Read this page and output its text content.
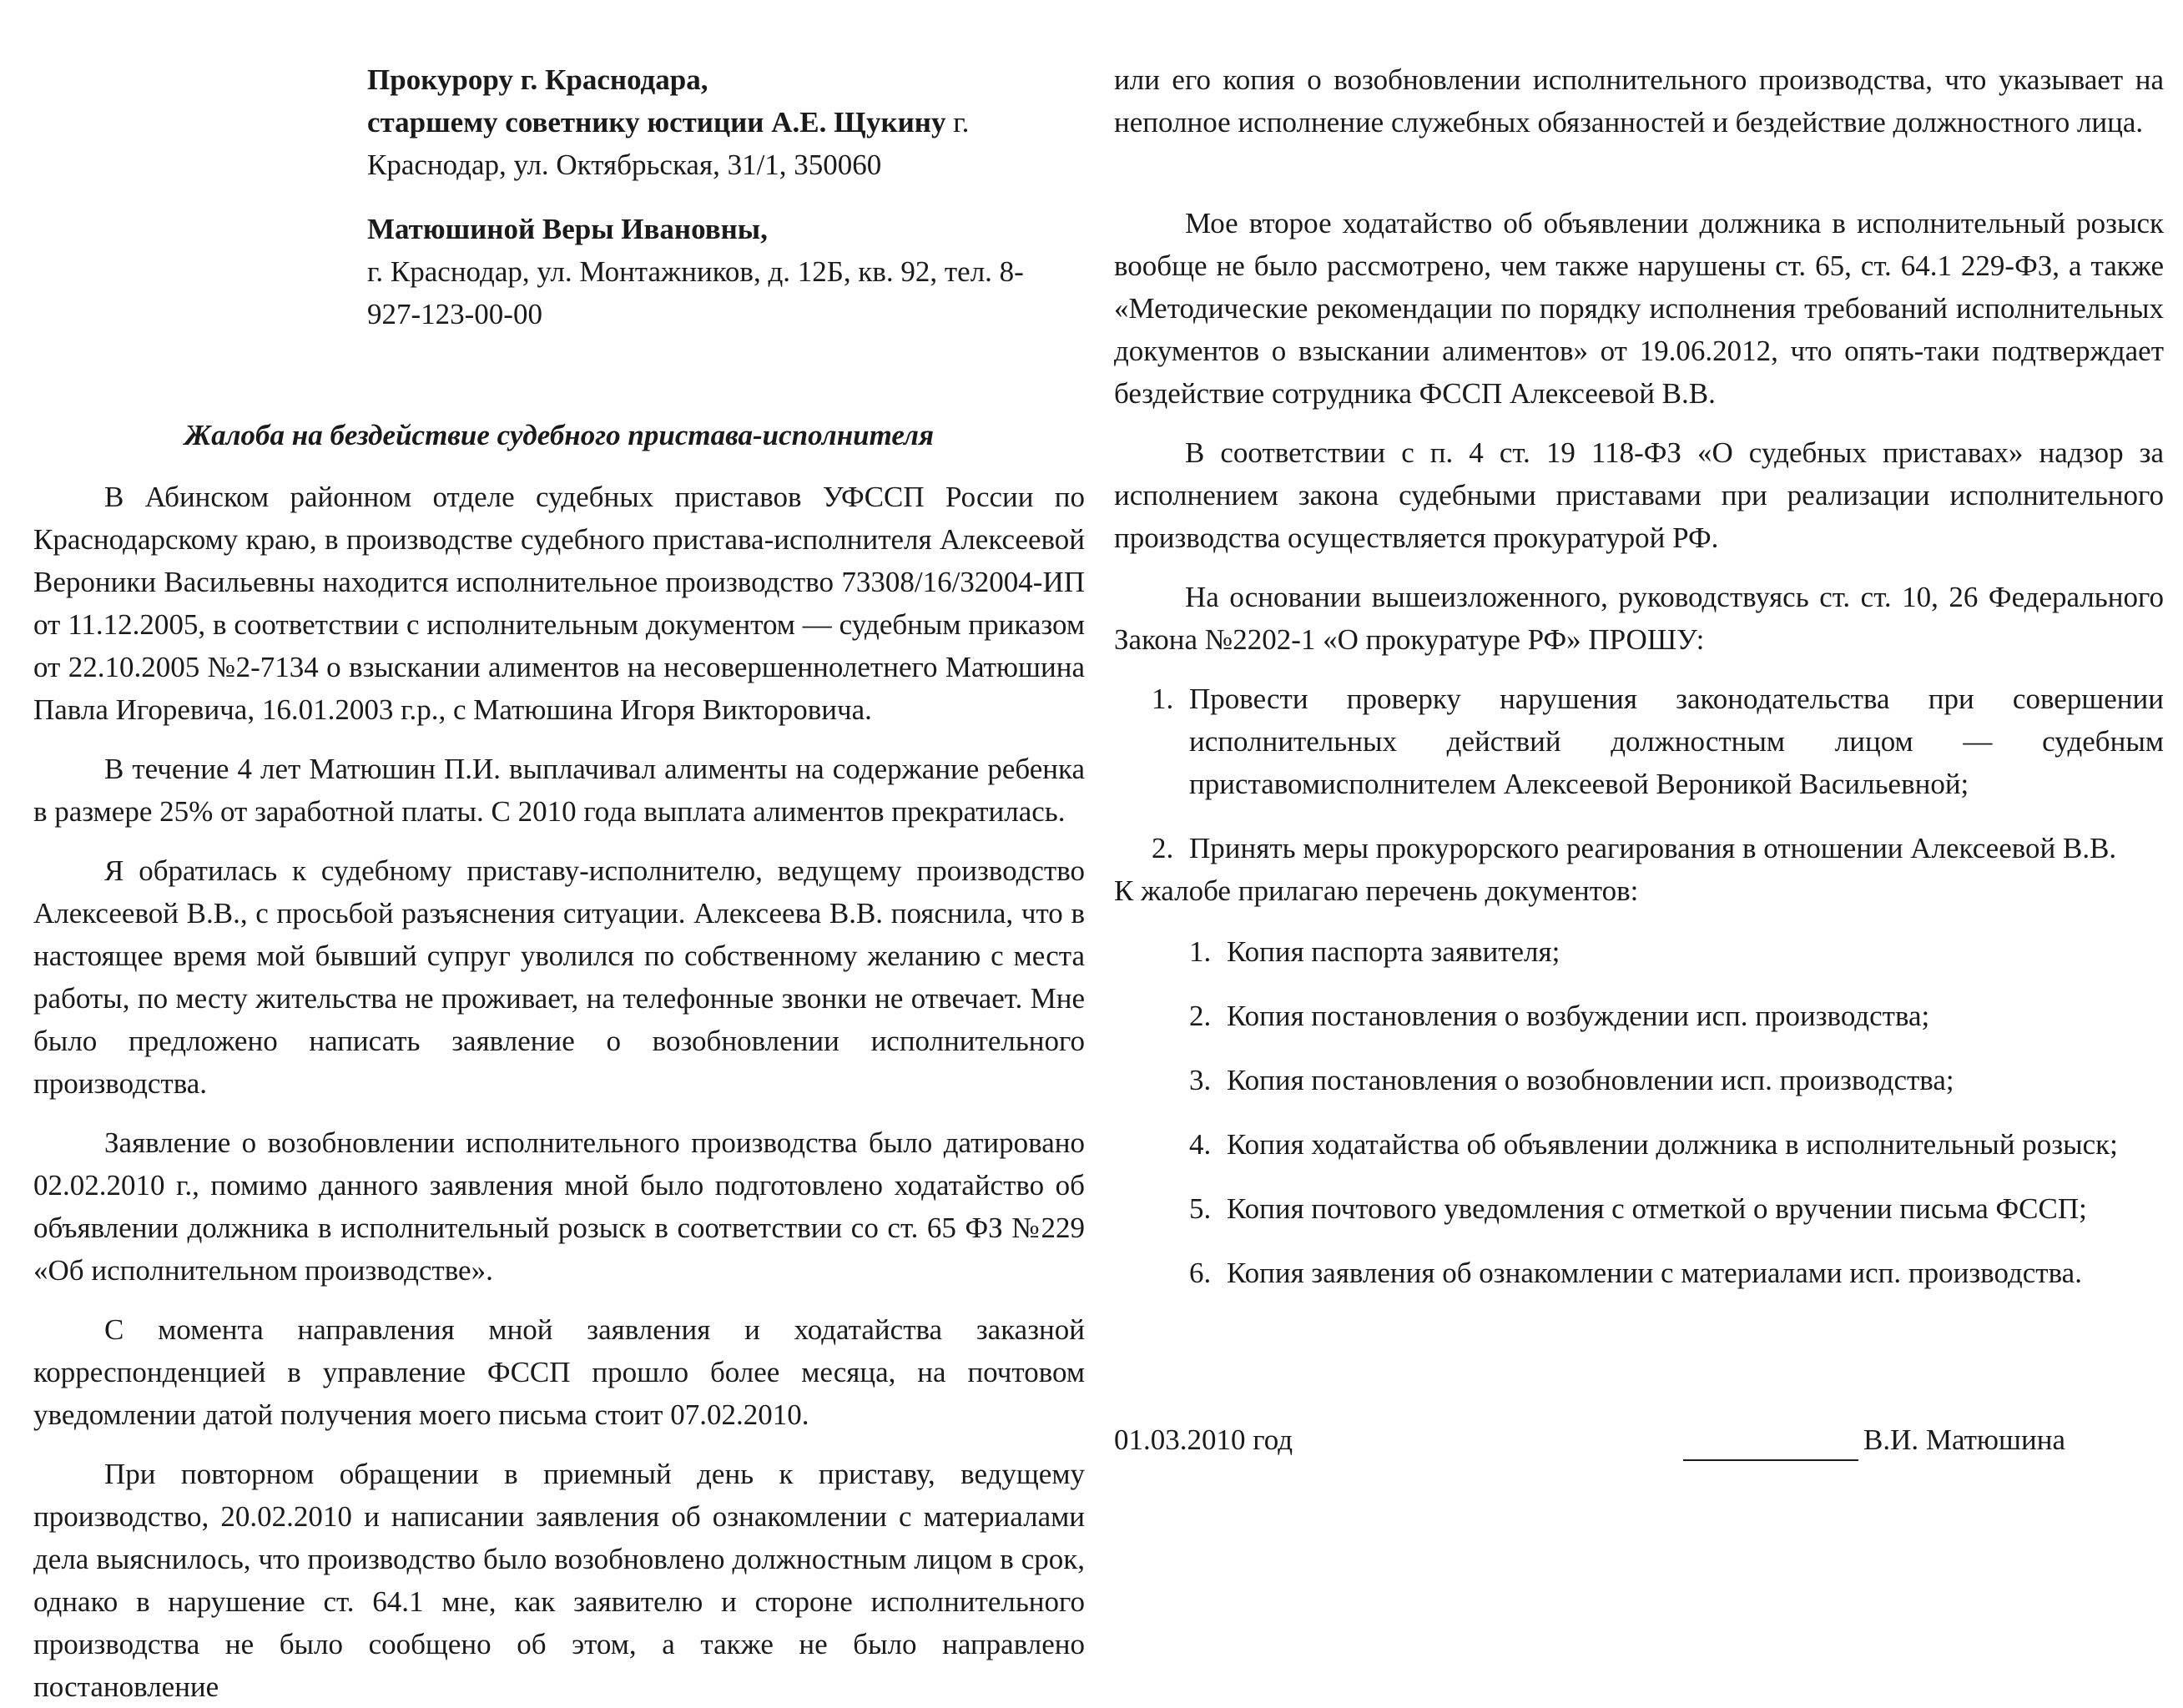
Прокурору г. Краснодара,

старшему советнику юстиции А.Е. Щукину г.

Краснодар, ул. Октябрьская, 31/1, 350060

Матюшиной Веры Ивановны,

г. Краснодар, ул. Монтажников, д. 12Б, кв. 92, тел. 8-927-123-00-00

Жалоба на бездействие судебного пристава-исполнителя

В Абинском районном отделе судебных приставов УФССП России по Краснодарскому краю, в производстве судебного пристава-исполнителя Алексеевой Вероники Васильевны находится исполнительное производство 73308/16/32004-ИП от 11.12.2005, в соответствии с исполнительным документом — судебным приказом от 22.10.2005 №2-7134 о взыскании алиментов на несовершеннолетнего Матюшина Павла Игоревича, 16.01.2003 г.р., с Матюшина Игоря Викторовича.

В течение 4 лет Матюшин П.И. выплачивал алименты на содержание ребенка в размере 25% от заработной платы. С 2010 года выплата алиментов прекратилась.

Я обратилась к судебному приставу-исполнителю, ведущему производство Алексеевой В.В., с просьбой разъяснения ситуации. Алексеева В.В. пояснила, что в настоящее время мой бывший супруг уволился по собственному желанию с места работы, по месту жительства не проживает, на телефонные звонки не отвечает. Мне было предложено написать заявление о возобновлении исполнительного производства.

Заявление о возобновлении исполнительного производства было датировано 02.02.2010 г., помимо данного заявления мной было подготовлено ходатайство об объявлении должника в исполнительный розыск в соответствии со ст. 65 ФЗ №229 «Об исполнительном производстве».

С момента направления мной заявления и ходатайства заказной корреспонденцией в управление ФССП прошло более месяца, на почтовом уведомлении датой получения моего письма стоит 07.02.2010.

При повторном обращении в приемный день к приставу, ведущему производство, 20.02.2010 и написании заявления об ознакомлении с материалами дела выяснилось, что производство было возобновлено должностным лицом в срок, однако в нарушение ст. 64.1 мне, как заявителю и стороне исполнительного производства не было сообщено об этом, а также не было направлено постановление

или его копия о возобновлении исполнительного производства, что указывает на неполное исполнение служебных обязанностей и бездействие должностного лица.

Мое второе ходатайство об объявлении должника в исполнительный розыск вообще не было рассмотрено, чем также нарушены ст. 65, ст. 64.1 229-ФЗ, а также «Методические рекомендации по порядку исполнения требований исполнительных документов о взыскании алиментов» от 19.06.2012, что опять-таки подтверждает бездействие сотрудника ФССП Алексеевой В.В.

В соответствии с п. 4 ст. 19 118-ФЗ «О судебных приставах» надзор за исполнением закона судебными приставами при реализации исполнительного производства осуществляется прокуратурой РФ.

На основании вышеизложенного, руководствуясь ст. ст. 10, 26 Федерального Закона №2202-1 «О прокуратуре РФ» ПРОШУ:

1. Провести проверку нарушения законодательства при совершении исполнительных действий должностным лицом — судебным приставомисполнителем Алексеевой Вероникой Васильевной;
2. Принять меры прокурорского реагирования в отношении Алексеевой В.В.

К жалобе прилагаю перечень документов:

1. Копия паспорта заявителя;
2. Копия постановления о возбуждении исп. производства;
3. Копия постановления о возобновлении исп. производства;
4. Копия ходатайства об объявлении должника в исполнительный розыск;
5. Копия почтового уведомления с отметкой о вручении письма ФССП;
6. Копия заявления об ознакомлении с материалами исп. производства.
01.03.2010 год	В.И. Матюшина
